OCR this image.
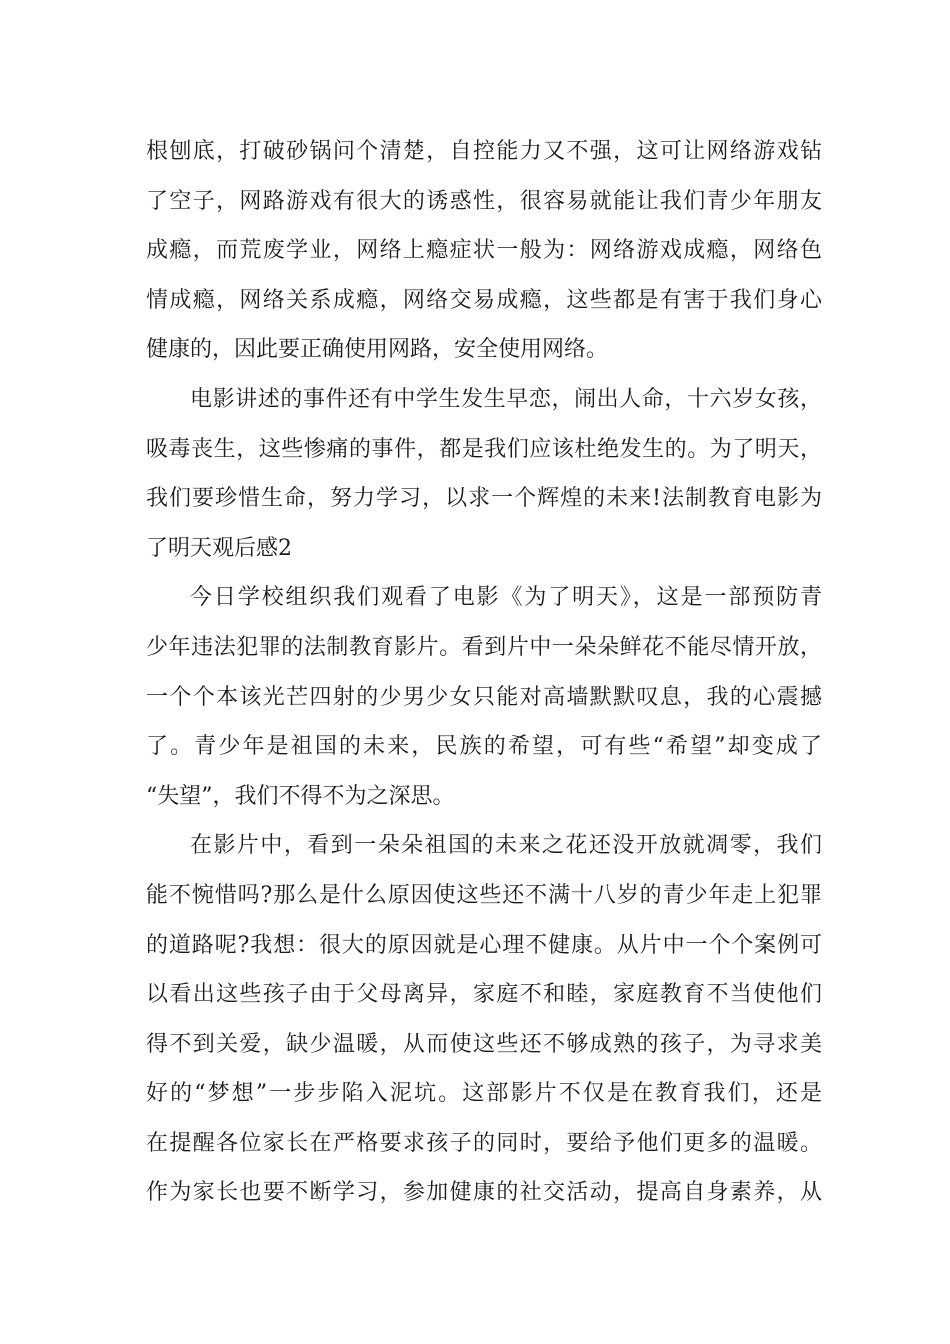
根刨底，打破砂锅问个清楚，自控能力又不强，这可让网络游戏钻
了空子，网路游戏有很大的诱惑性，很容易就能让我们青少年朋友
成瘾，而荒废学业，网络上瘾症状一般为：网络游戏成瘾，网络色
情成瘾，网络关系成瘾，网络交易成瘾，这些都是有害于我们身心
健康的，因此要正确使用网路，安全使用网络。
电影讲述的事件还有中学生发生早恋，闹出人命，十六岁女孩，
吸毒丧生，这些惨痛的事件，都是我们应该杜绝发生的。为了明天，
我们要珍惜生命，努力学习，以求一个辉煌的未来!法制教育电影为
了明天观后感2
今日学校组织我们观看了电影《为了明天》，这是一部预防青
少年违法犯罪的法制教育影片。看到片中一朵朵鲜花不能尽情开放，
一个个本该光芒四射的少男少女只能对高墙默默叹息，我的心震撼
了。青少年是祖国的未来，民族的希望，可有些“希望”却变成了
“失望”，我们不得不为之深思。
在影片中，看到一朵朵祖国的未来之花还没开放就凋零，我们
能不惋惜吗?那么是什么原因使这些还不满十八岁的青少年走上犯罪
的道路呢?我想：很大的原因就是心理不健康。从片中一个个案例可
以看出这些孩子由于父母离异，家庭不和睦，家庭教育不当使他们
得不到关爱，缺少温暖，从而使这些还不够成熟的孩子，为寻求美
好的“梦想”一步步陷入泥坑。这部影片不仅是在教育我们，还是
在提醒各位家长在严格要求孩子的同时，要给予他们更多的温暖。
作为家长也要不断学习，参加健康的社交活动，提高自身素养，从
